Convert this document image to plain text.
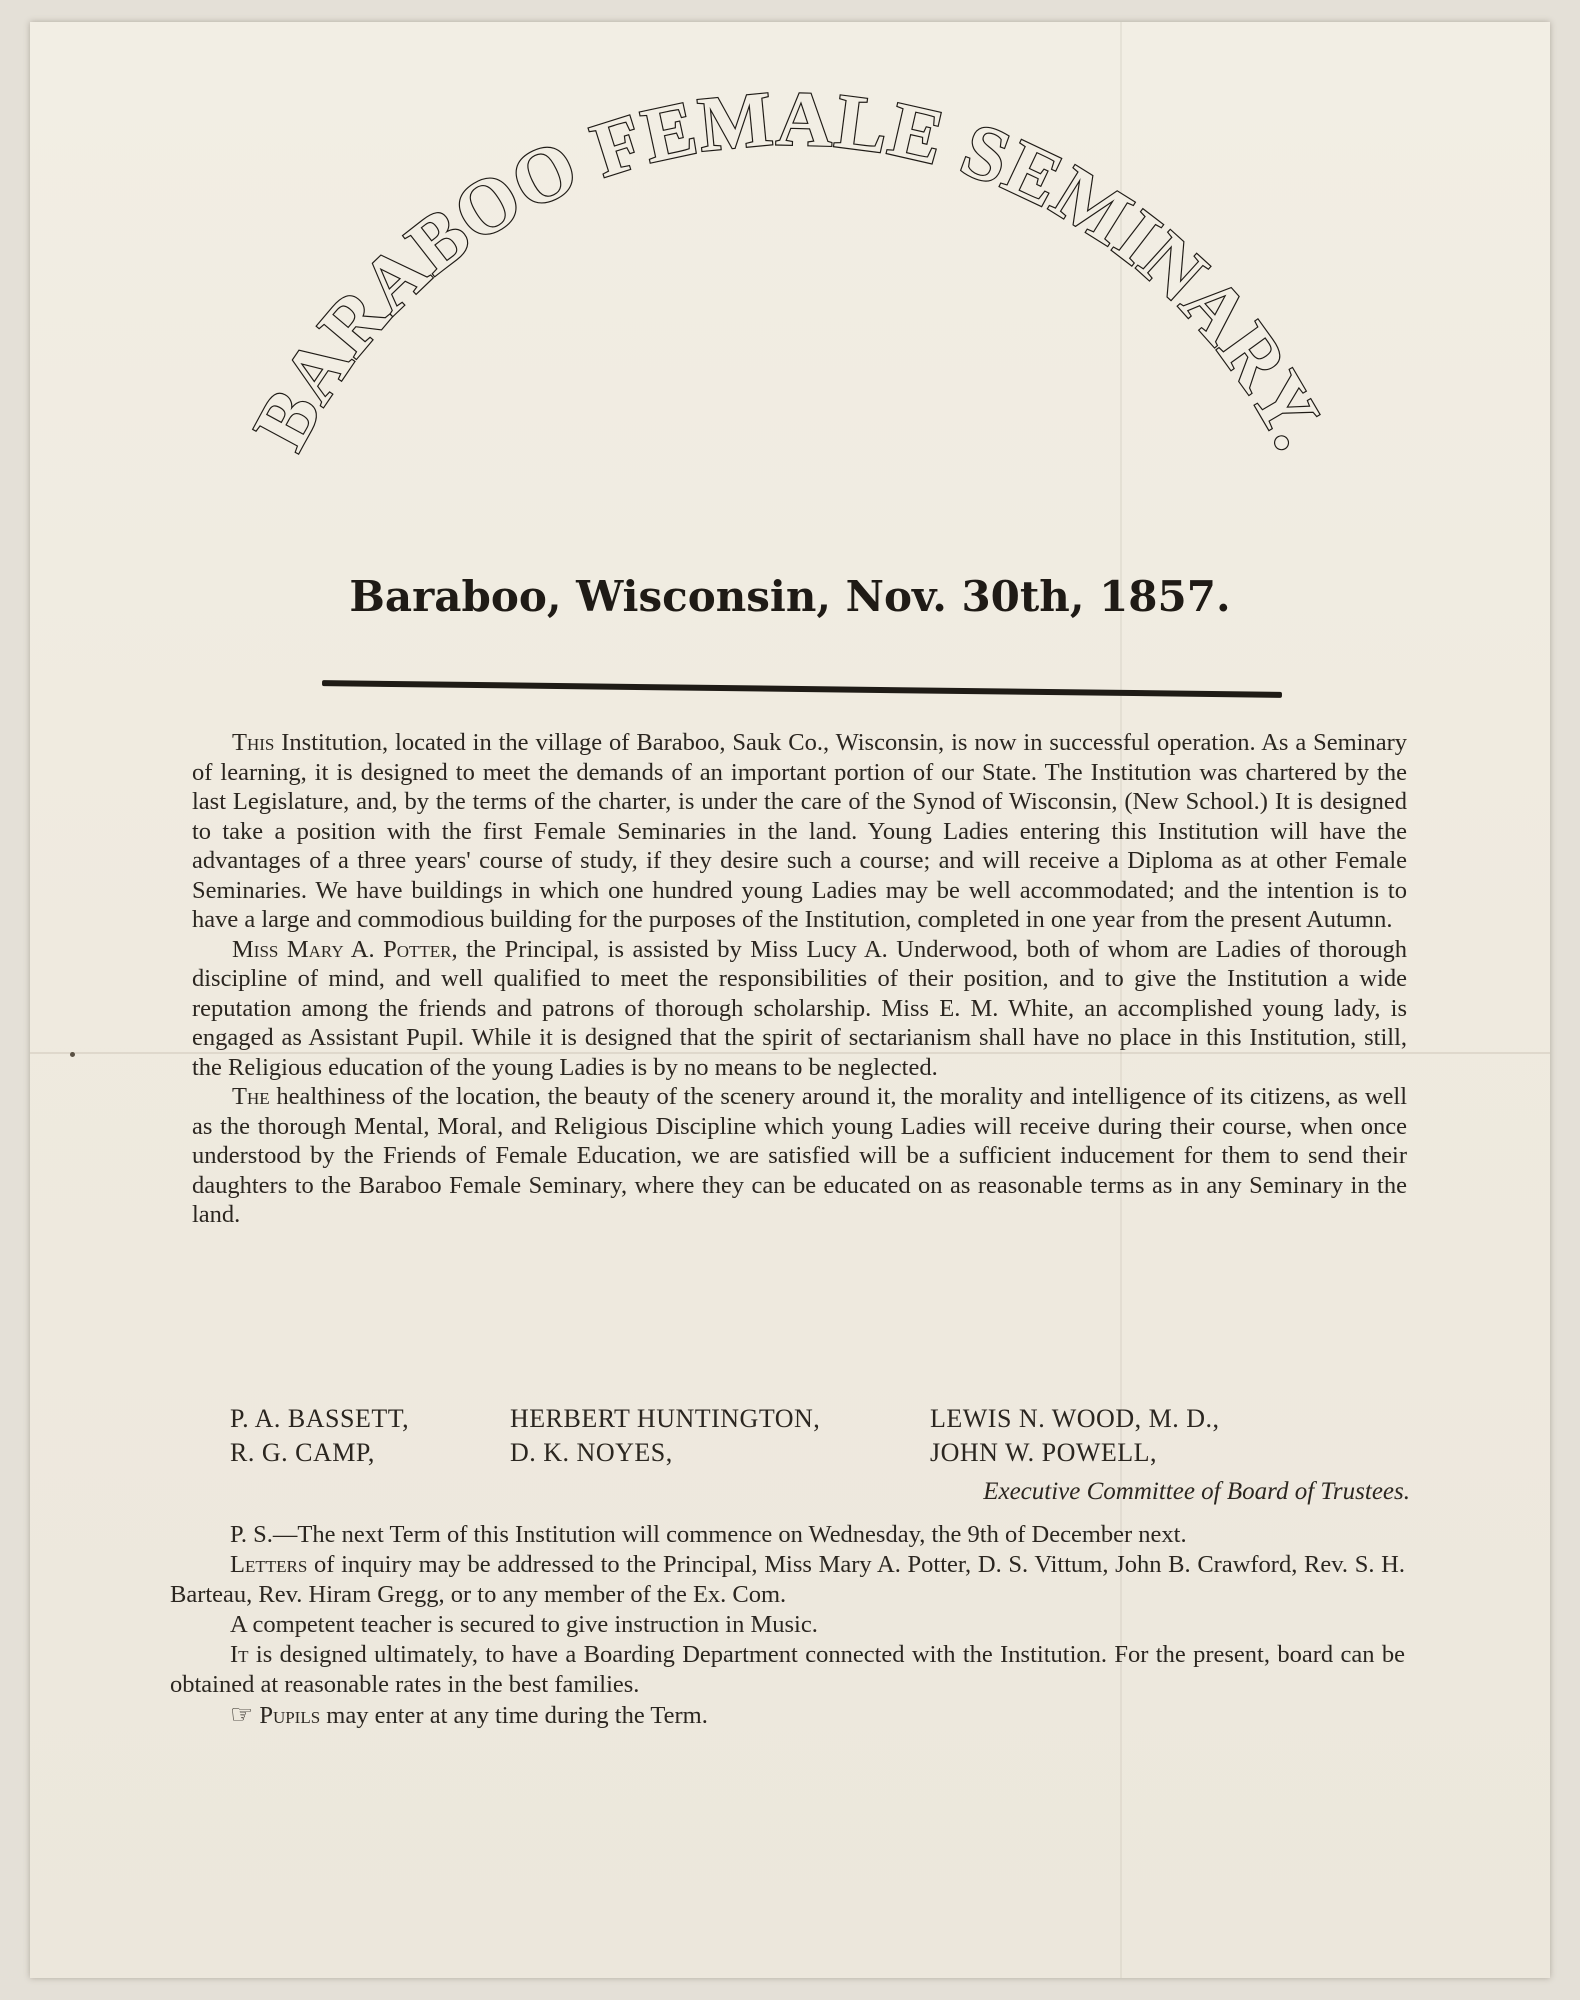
BARABOO FEMALE SEMINARY.
Baraboo, Wisconsin, Nov. 30th, 1857.

This Institution, located in the village of Baraboo, Sauk Co., Wisconsin, is now in successful operation. As a Seminary of learning, it is designed to meet the demands of an important portion of our State. The Institution was chartered by the last Legislature, and, by the terms of the charter, is under the care of the Synod of Wisconsin, (New School.) It is designed to take a position with the first Female Seminaries in the land. Young Ladies entering this Institution will have the advantages of a three years' course of study, if they desire such a course; and will receive a Diploma as at other Female Seminaries. We have buildings in which one hundred young Ladies may be well accommodated; and the intention is to have a large and commodious building for the purposes of the Institution, completed in one year from the present Autumn.

Miss Mary A. Potter, the Principal, is assisted by Miss Lucy A. Underwood, both of whom are Ladies of thorough discipline of mind, and well qualified to meet the responsibilities of their position, and to give the Institution a wide reputation among the friends and patrons of thorough scholarship. Miss E. M. White, an accomplished young lady, is engaged as Assistant Pupil. While it is designed that the spirit of sectarianism shall have no place in this Institution, still, the Religious education of the young Ladies is by no means to be neglected.

The healthiness of the location, the beauty of the scenery around it, the morality and intelligence of its citizens, as well as the thorough Mental, Moral, and Religious Discipline which young Ladies will receive during their course, when once understood by the Friends of Female Education, we are satisfied will be a sufficient inducement for them to send their daughters to the Baraboo Female Seminary, where they can be educated on as reasonable terms as in any Seminary in the land.

P. A. BASSETT,	HERBERT HUNTINGTON,	LEWIS N. WOOD, M. D.,
R. G. CAMP,	D. K. NOYES,	JOHN W. POWELL,
Executive Committee of Board of Trustees.

P. S.—The next Term of this Institution will commence on Wednesday, the 9th of December next.

Letters of inquiry may be addressed to the Principal, Miss Mary A. Potter, D. S. Vittum, John B. Crawford, Rev. S. H. Barteau, Rev. Hiram Gregg, or to any member of the Ex. Com.

A competent teacher is secured to give instruction in Music.

It is designed ultimately, to have a Boarding Department connected with the Institution. For the present, board can be obtained at reasonable rates in the best families.

☞ Pupils may enter at any time during the Term.
